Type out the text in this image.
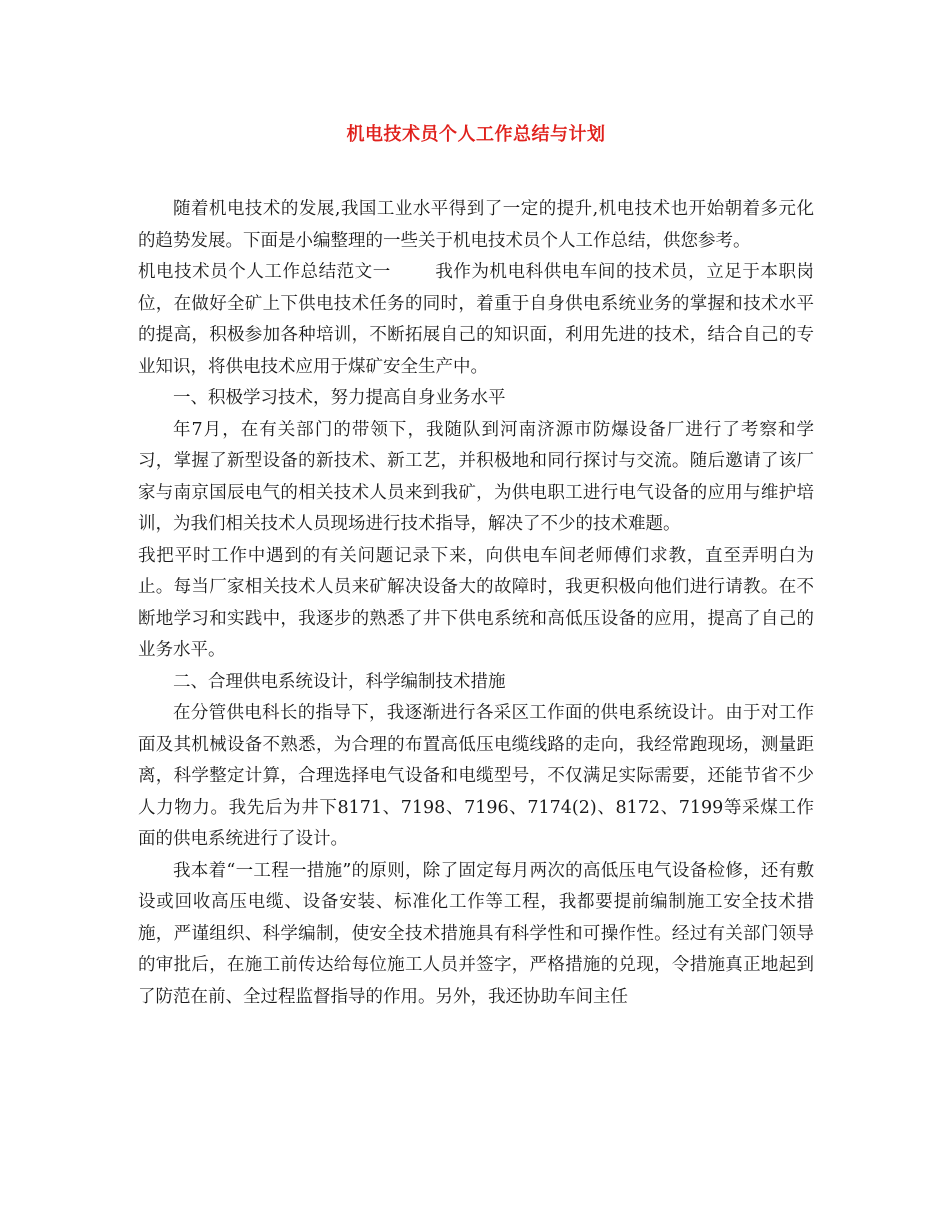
机电技术员个人工作总结与计划

随着机电技术的发展,我国工业水平得到了一定的提升,机电技术也开始朝着多元化的趋势发展。下面是小编整理的一些关于机电技术员个人工作总结，供您参考。

机电技术员个人工作总结范文一	我作为机电科供电车间的技术员，立足于本职岗位，在做好全矿上下供电技术任务的同时，着重于自身供电系统业务的掌握和技术水平的提高，积极参加各种培训，不断拓展自己的知识面，利用先进的技术，结合自己的专业知识，将供电技术应用于煤矿安全生产中。

一、积极学习技术，努力提高自身业务水平

年7月，在有关部门的带领下，我随队到河南济源市防爆设备厂进行了考察和学习，掌握了新型设备的新技术、新工艺，并积极地和同行探讨与交流。随后邀请了该厂家与南京国辰电气的相关技术人员来到我矿，为供电职工进行电气设备的应用与维护培训，为我们相关技术人员现场进行技术指导，解决了不少的技术难题。

我把平时工作中遇到的有关问题记录下来，向供电车间老师傅们求教，直至弄明白为止。每当厂家相关技术人员来矿解决设备大的故障时，我更积极向他们进行请教。在不断地学习和实践中，我逐步的熟悉了井下供电系统和高低压设备的应用，提高了自己的业务水平。

二、合理供电系统设计，科学编制技术措施

在分管供电科长的指导下，我逐渐进行各采区工作面的供电系统设计。由于对工作面及其机械设备不熟悉，为合理的布置高低压电缆线路的走向，我经常跑现场，测量距离，科学整定计算，合理选择电气设备和电缆型号，不仅满足实际需要，还能节省不少人力物力。我先后为井下8171、7198、7196、7174(2)、8172、7199等采煤工作面的供电系统进行了设计。

我本着“一工程一措施”的原则，除了固定每月两次的高低压电气设备检修，还有敷设或回收高压电缆、设备安装、标准化工作等工程，我都要提前编制施工安全技术措施，严谨组织、科学编制，使安全技术措施具有科学性和可操作性。经过有关部门领导的审批后，在施工前传达给每位施工人员并签字，严格措施的兑现，令措施真正地起到了防范在前、全过程监督指导的作用。另外，我还协助车间主任
